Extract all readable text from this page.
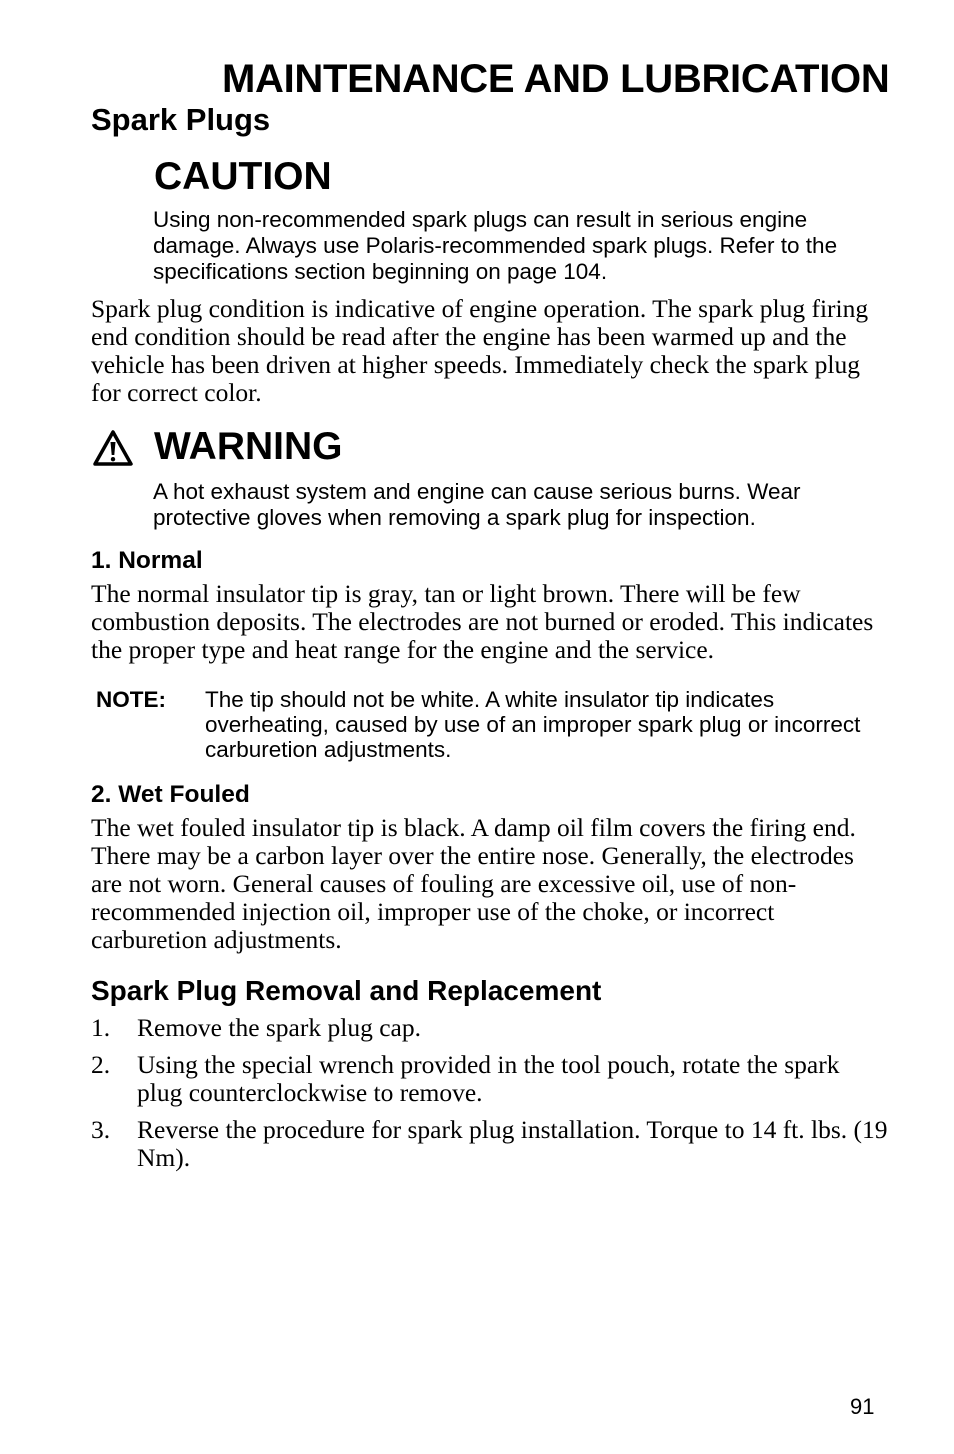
MAINTENANCE AND LUBRICATION
Spark Plugs
CAUTION
Using non-recommended spark plugs can result in serious engine damage. Always use Polaris-recommended spark plugs. Refer to the specifications section beginning on page 104.
Spark plug condition is indicative of engine operation. The spark plug firing end condition should be read after the engine has been warmed up and the vehicle has been driven at higher speeds. Immediately check the spark plug for correct color.
WARNING
A hot exhaust system and engine can cause serious burns. Wear protective gloves when removing a spark plug for inspection.
1. Normal
The normal insulator tip is gray, tan or light brown. There will be few combustion deposits. The electrodes are not burned or eroded. This indicates the proper type and heat range for the engine and the service.
NOTE: The tip should not be white. A white insulator tip indicates overheating, caused by use of an improper spark plug or incorrect carburetion adjustments.
2. Wet Fouled
The wet fouled insulator tip is black. A damp oil film covers the firing end. There may be a carbon layer over the entire nose. Generally, the electrodes are not worn. General causes of fouling are excessive oil, use of non-recommended injection oil, improper use of the choke, or incorrect carburetion adjustments.
Spark Plug Removal and Replacement
1.	Remove the spark plug cap.
2.	Using the special wrench provided in the tool pouch, rotate the spark plug counterclockwise to remove.
3.	Reverse the procedure for spark plug installation. Torque to 14 ft. lbs. (19 Nm).
91
